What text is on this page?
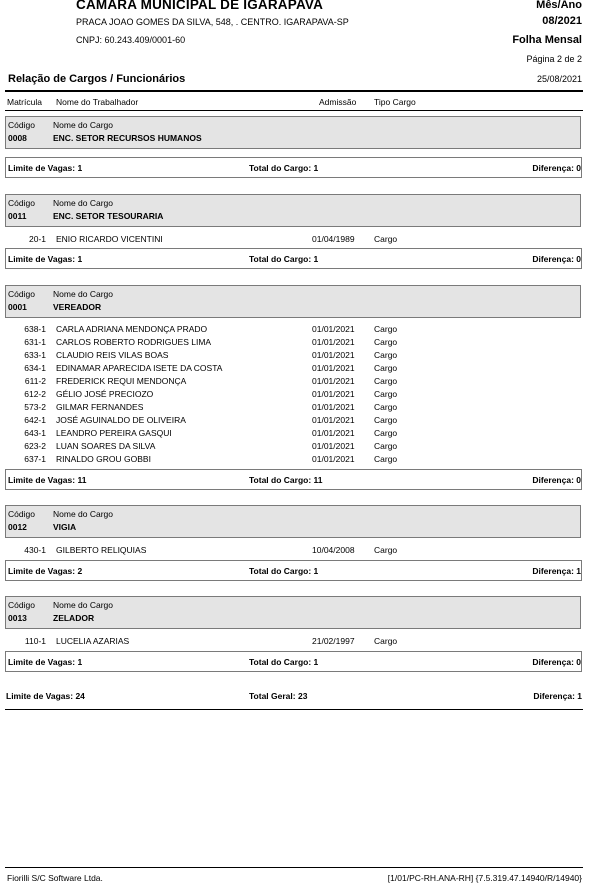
CAMARA MUNICIPAL DE IGARAPAVA
PRACA JOAO GOMES DA SILVA, 548, . CENTRO. IGARAPAVA-SP
CNPJ: 60.243.409/0001-60
Mês/Ano
08/2021
Folha Mensal
Página 2 de 2
25/08/2021
Relação de Cargos / Funcionários
Matrícula Nome do Trabalhador	Admissão Tipo Cargo
Código Nome do Cargo
0008	ENC. SETOR RECURSOS HUMANOS
Limite de Vagas: 1	Total do Cargo: 1	Diferença: 0
Código Nome do Cargo
0011	ENC. SETOR TESOURARIA
20-1 ENIO RICARDO VICENTINI	01/04/1989 Cargo
Limite de Vagas: 1	Total do Cargo: 1	Diferença: 0
Código Nome do Cargo
0001	VEREADOR
638-1 CARLA ADRIANA MENDONÇA PRADO	01/01/2021 Cargo
631-1 CARLOS ROBERTO RODRIGUES LIMA	01/01/2021 Cargo
633-1 CLAUDIO REIS VILAS BOAS	01/01/2021 Cargo
634-1 EDINAMAR APARECIDA ISETE DA COSTA	01/01/2021 Cargo
611-2 FREDERICK REQUI MENDONÇA	01/01/2021 Cargo
612-2 GÉLIO JOSÉ PRECIOZO	01/01/2021 Cargo
573-2 GILMAR FERNANDES	01/01/2021 Cargo
642-1 JOSÉ AGUINALDO DE OLIVEIRA	01/01/2021 Cargo
643-1 LEANDRO PEREIRA GASQUI	01/01/2021 Cargo
623-2 LUAN SOARES DA SILVA	01/01/2021 Cargo
637-1 RINALDO GROU GOBBI	01/01/2021 Cargo
Limite de Vagas: 11	Total do Cargo: 11	Diferença: 0
Código Nome do Cargo
0012	VIGIA
430-1 GILBERTO RELIQUIAS	10/04/2008 Cargo
Limite de Vagas: 2	Total do Cargo: 1	Diferença: 1
Código Nome do Cargo
0013	ZELADOR
110-1 LUCELIA AZARIAS	21/02/1997 Cargo
Limite de Vagas: 1	Total do Cargo: 1	Diferença: 0
Limite de Vagas: 24	Total Geral: 23	Diferença: 1
Fiorilli S/C Software Ltda.	[1/01/PC-RH.ANA-RH] {7.5.319.47.14940/R/14940}
